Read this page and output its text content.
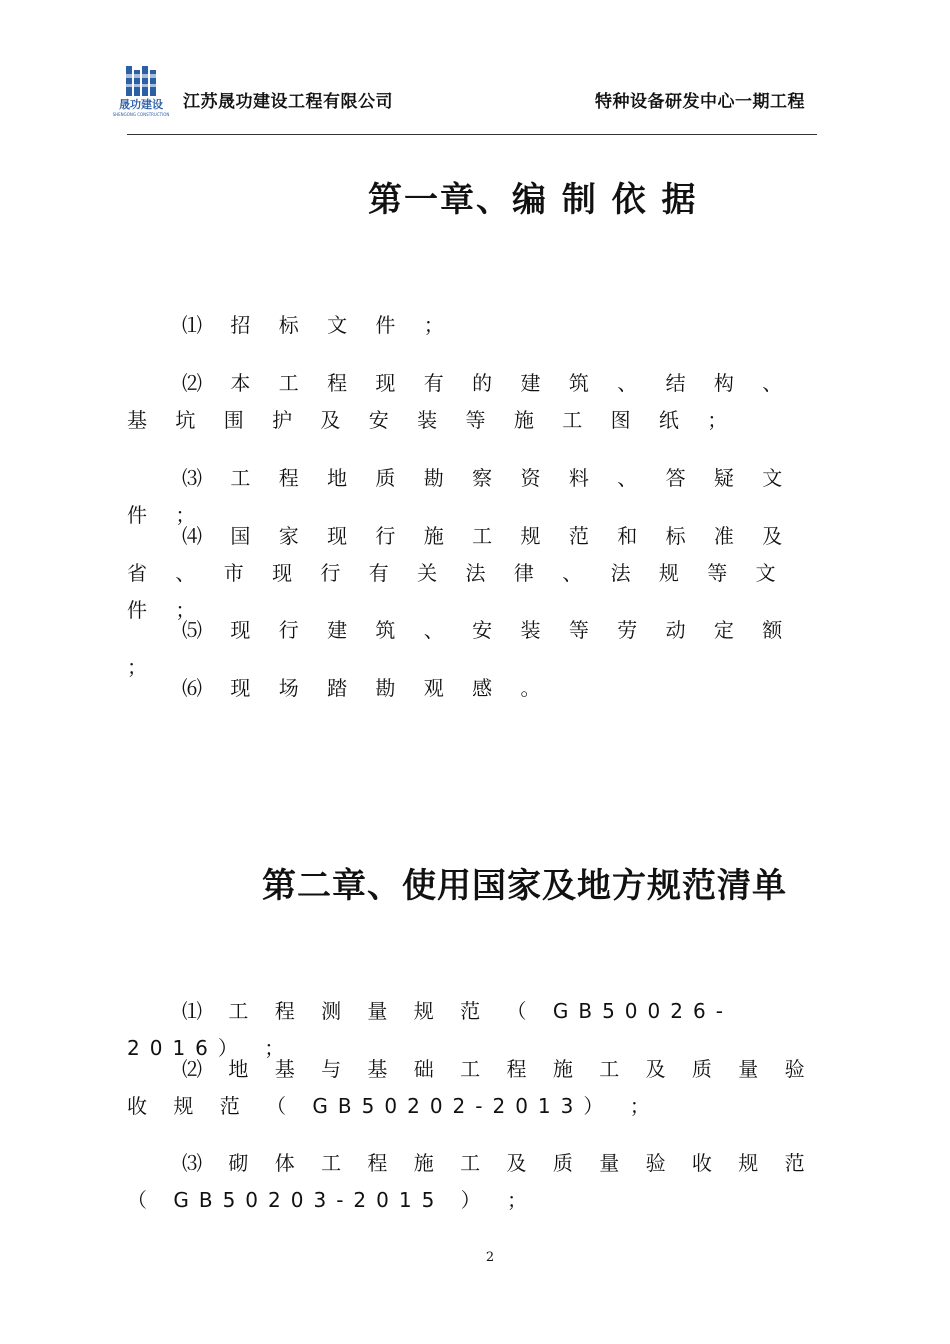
晟功建设
SHENGONG CONSTRUCTION
江苏晟功建设工程有限公司	特种设备研发中心一期工程
第一章、编 制 依 据

⑴ 招 标 文 件 ；

⑵ 本 工 程 现 有 的 建 筑 、 结 构 、 基 坑 围 护 及 安 装 等 施 工 图 纸 ；

⑶ 工 程 地 质 勘 察 资 料 、 答 疑 文 件 ；

⑷ 国 家 现 行 施 工 规 范 和 标 准 及 省 、 市 现 行 有 关 法 律 、 法 规 等 文 件 ；

⑸ 现 行 建 筑 、 安 装 等 劳 动 定 额 ；

⑹ 现 场 踏 勘 观 感 。

第二章、使用国家及地方规范清单

⑴ 工 程 测 量 规 范 （ GB50026-2016） ；

⑵ 地 基 与 基 础 工 程 施 工 及 质 量 验 收 规 范 （ GB50202-2013） ；

⑶ 砌 体 工 程 施 工 及 质 量 验 收 规 范 （ GB50203-2015 ） ；

2
